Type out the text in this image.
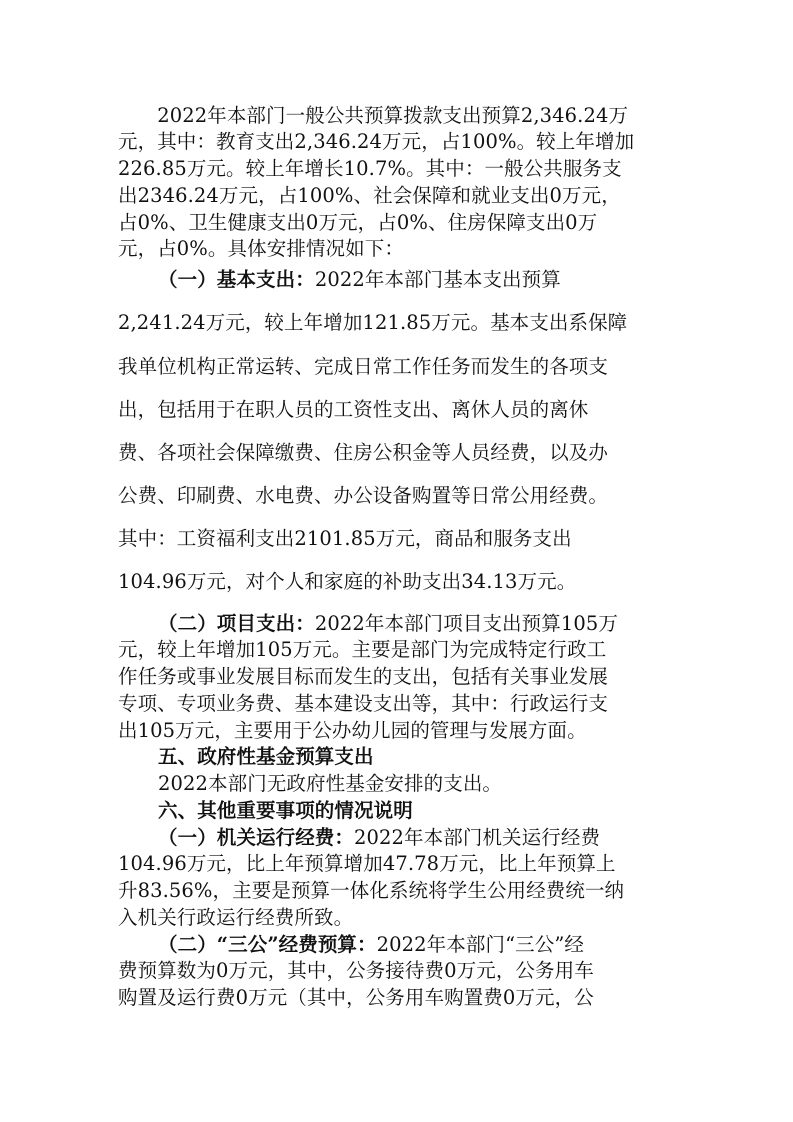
　　2022年本部门一般公共预算拨款支出预算2,346.24万
元，其中：教育支出2,346.24万元，占100%。较上年增加
226.85万元。较上年增长10.7%。其中：一般公共服务支
出2346.24万元，占100%、社会保障和就业支出0万元，
占0%、卫生健康支出0万元，占0%、住房保障支出0万
元，占0%。具体安排情况如下：
（一）基本支出：2022年本部门基本支出预算
2,241.24万元，较上年增加121.85万元。基本支出系保障
我单位机构正常运转、完成日常工作任务而发生的各项支
出，包括用于在职人员的工资性支出、离休人员的离休
费、各项社会保障缴费、住房公积金等人员经费，以及办
公费、印刷费、水电费、办公设备购置等日常公用经费。
其中：工资福利支出2101.85万元，商品和服务支出
104.96万元，对个人和家庭的补助支出34.13万元。
（二）项目支出：2022年本部门项目支出预算105万
元，较上年增加105万元。主要是部门为完成特定行政工
作任务或事业发展目标而发生的支出，包括有关事业发展
专项、专项业务费、基本建设支出等，其中：行政运行支
出105万元，主要用于公办幼儿园的管理与发展方面。
五、政府性基金预算支出
2022本部门无政府性基金安排的支出。
六、其他重要事项的情况说明
（一）机关运行经费：2022年本部门机关运行经费
104.96万元，比上年预算增加47.78万元，比上年预算上
升83.56%，主要是预算一体化系统将学生公用经费统一纳
入机关行政运行经费所致。
（二）“三公”经费预算：2022年本部门“三公”经
费预算数为0万元，其中，公务接待费0万元，公务用车
购置及运行费0万元（其中，公务用车购置费0万元，公
